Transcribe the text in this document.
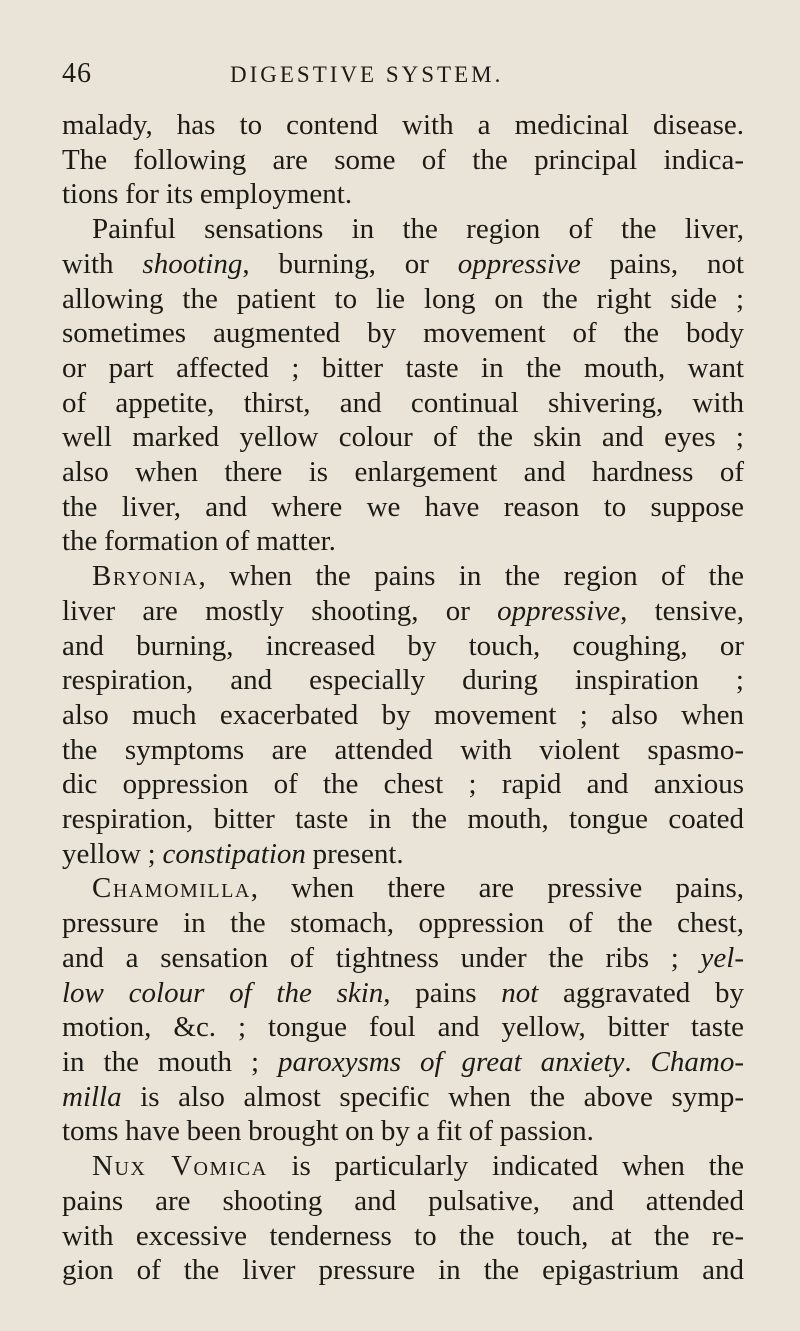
46	DIGESTIVE SYSTEM.
malady, has to contend with a medicinal disease.
The following are some of the principal indica-
tions for its employment.
Painful sensations in the region of the liver,
with shooting, burning, or oppressive pains, not
allowing the patient to lie long on the right side ;
sometimes augmented by movement of the body
or part affected ; bitter taste in the mouth, want
of appetite, thirst, and continual shivering, with
well marked yellow colour of the skin and eyes ;
also when there is enlargement and hardness of
the liver, and where we have reason to suppose
the formation of matter.
Bryonia, when the pains in the region of the
liver are mostly shooting, or oppressive, tensive,
and burning, increased by touch, coughing, or
respiration, and especially during inspiration ;
also much exacerbated by movement ; also when
the symptoms are attended with violent spasmo-
dic oppression of the chest ; rapid and anxious
respiration, bitter taste in the mouth, tongue coated
yellow ; constipation present.
Chamomilla, when there are pressive pains,
pressure in the stomach, oppression of the chest,
and a sensation of tightness under the ribs ; yel-
low colour of the skin, pains not aggravated by
motion, &c. ; tongue foul and yellow, bitter taste
in the mouth ; paroxysms of great anxiety. Chamo-
milla is also almost specific when the above symp-
toms have been brought on by a fit of passion.
Nux Vomica is particularly indicated when the
pains are shooting and pulsative, and attended
with excessive tenderness to the touch, at the re-
gion of the liver pressure in the epigastrium and
